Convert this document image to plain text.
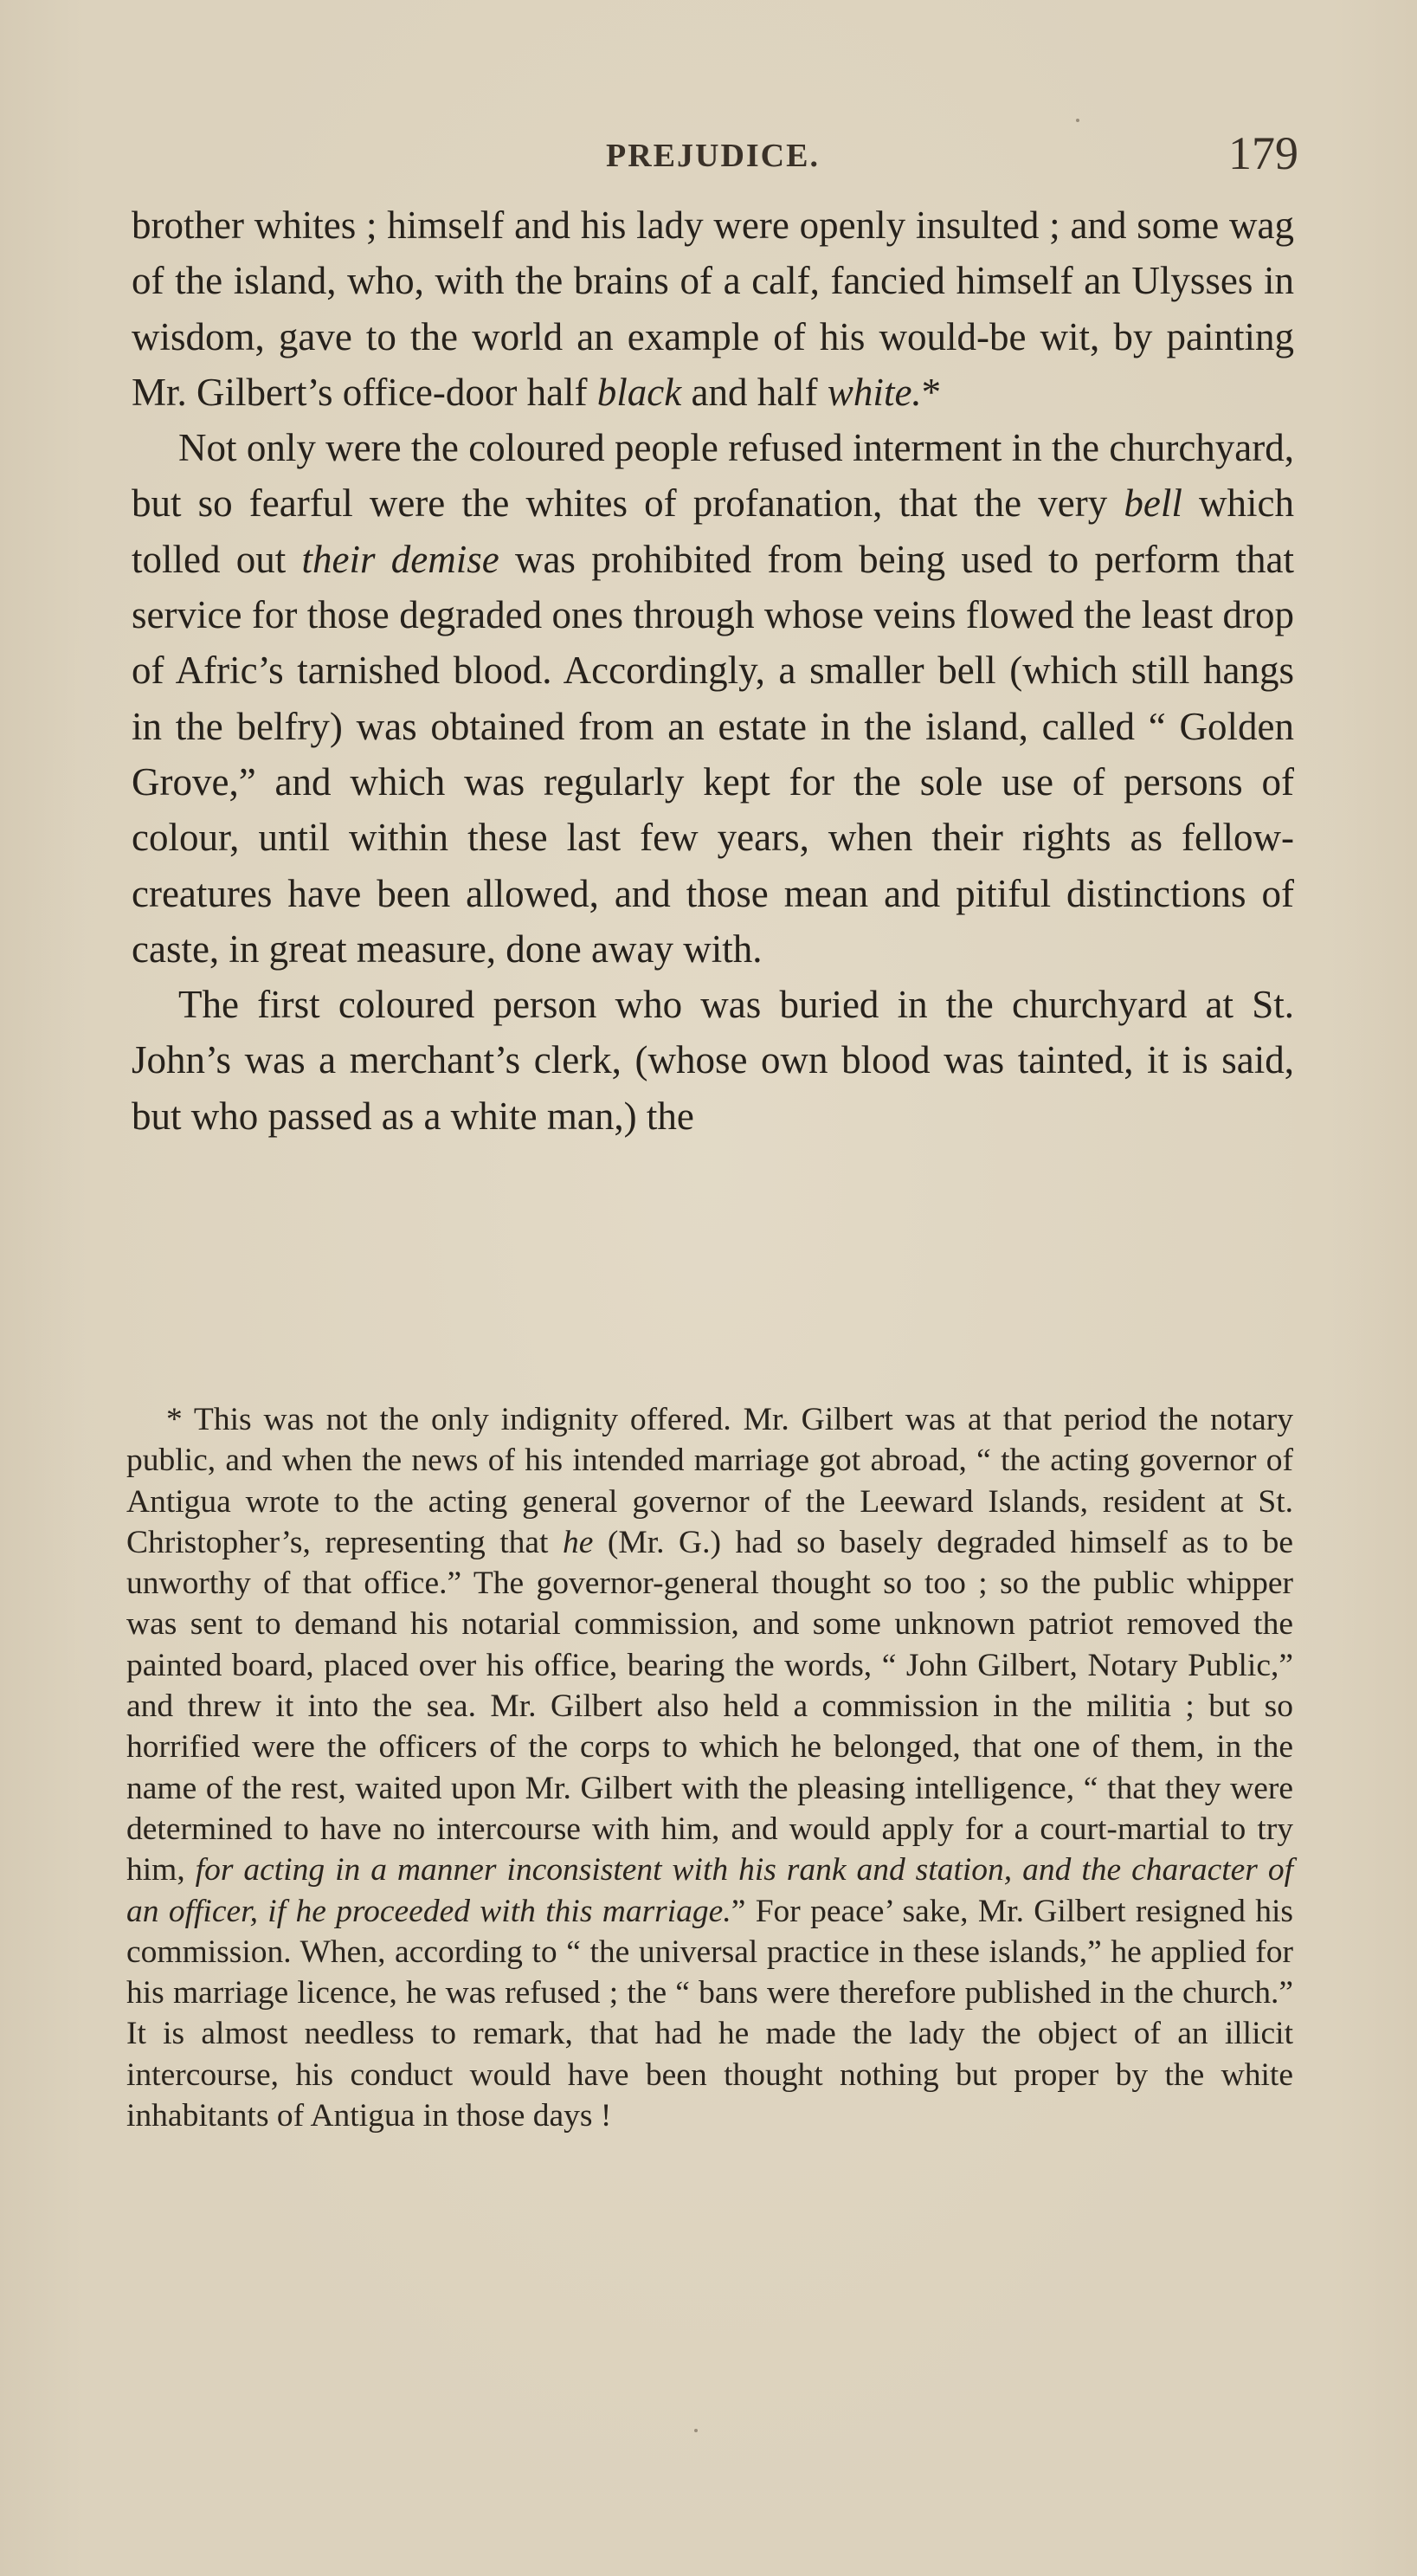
PREJUDICE.	179

brother whites ; himself and his lady were openly insulted ; and some wag of the island, who, with the brains of a calf, fancied himself an Ulysses in wisdom, gave to the world an example of his would-be wit, by painting Mr. Gilbert’s office-door half black and half white.*

Not only were the coloured people refused interment in the churchyard, but so fearful were the whites of profanation, that the very bell which tolled out their demise was prohibited from being used to perform that service for those degraded ones through whose veins flowed the least drop of Afric’s tarnished blood. Accordingly, a smaller bell (which still hangs in the belfry) was obtained from an estate in the island, called “ Golden Grove,” and which was regularly kept for the sole use of persons of colour, until within these last few years, when their rights as fellow-creatures have been allowed, and those mean and pitiful distinctions of caste, in great measure, done away with.

The first coloured person who was buried in the churchyard at St. John’s was a merchant’s clerk, (whose own blood was tainted, it is said, but who passed as a white man,) the

* This was not the only indignity offered. Mr. Gilbert was at that period the notary public, and when the news of his intended marriage got abroad, “ the acting governor of Antigua wrote to the acting general governor of the Leeward Islands, resident at St. Christopher’s, representing that he (Mr. G.) had so basely degraded himself as to be unworthy of that office.” The governor-general thought so too ; so the public whipper was sent to demand his notarial commission, and some unknown patriot removed the painted board, placed over his office, bearing the words, “ John Gilbert, Notary Public,” and threw it into the sea. Mr. Gilbert also held a commission in the militia ; but so horrified were the officers of the corps to which he belonged, that one of them, in the name of the rest, waited upon Mr. Gilbert with the pleasing intelligence, “ that they were determined to have no intercourse with him, and would apply for a court-martial to try him, for acting in a manner inconsistent with his rank and station, and the character of an officer, if he proceeded with this marriage.” For peace’ sake, Mr. Gilbert resigned his commission. When, according to “ the universal practice in these islands,” he applied for his marriage licence, he was refused ; the “ bans were therefore published in the church.” It is almost needless to remark, that had he made the lady the object of an illicit intercourse, his conduct would have been thought nothing but proper by the white inhabitants of Antigua in those days !
